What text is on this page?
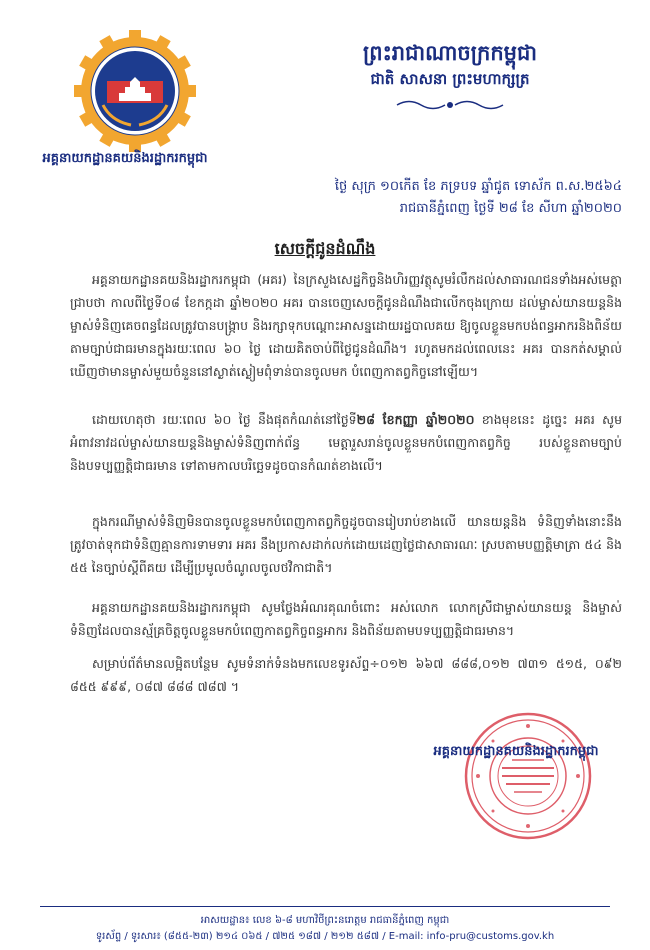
អគ្គនាយកដ្ឋានគយនិងរដ្ឋាករកម្ពុជា
ព្រះរាជាណាចក្រកម្ពុជា
ជាតិ សាសនា ព្រះមហាក្សត្រ
ថ្ងៃ សុក្រ ១០កើត ខែ ភទ្របទ ឆ្នាំជូត ទោស័ក ព.ស.២៥៦៤
រាជធានីភ្នំពេញ ថ្ងៃទី ២៨ ខែ សីហា ឆ្នាំ២០២០
សេចក្តីជូនដំណឹង

អគ្គនាយកដ្ឋានគយនិងរដ្ឋាករកម្ពុជា (អគរ) នៃក្រសួងសេដ្ឋកិច្ចនិងហិរញ្ញវត្ថុសូមរំលឹកដល់សាធារណជនទាំងអស់មេត្តាជ្រាបថា កាលពីថ្ងៃទី០៨ ខែកក្កដា ឆ្នាំ២០២០ អគរ បានចេញសេចក្តីជូនដំណឹងជាលើកចុងក្រោយ ដល់ម្ចាស់យានយន្តនិងម្ចាស់ទំនិញគេចពន្ធដែលត្រូវបានបង្រ្កាប និងរក្សាទុកបណ្តោះអាសន្នដោយរដ្ឋបាលគយ ឱ្យចូលខ្លួនមកបង់ពន្ធអាករនិងពិន័យតាមច្បាប់ជាធរមានក្នុងរយៈពេល ៦០ ថ្ងៃ ដោយគិតចាប់ពីថ្ងៃជូនដំណឹង។ រហូតមកដល់ពេលនេះ អគរ បានកត់សម្គាល់ឃើញថាមានម្ចាស់មួយចំនួននៅស្ងាត់ស្ងៀមពុំទាន់បានចូលមក បំពេញកាតព្វកិច្ចនៅឡើយ។

ដោយហេតុថា រយៈពេល ៦០ ថ្ងៃ នឹងផុតកំណត់នៅថ្ងៃទី២៨ ខែកញ្ញា ឆ្នាំ២០២០ ខាងមុខនេះ ដូច្នេះ អគរ សូមអំពាវនាវដល់ម្ចាស់យានយន្តនិងម្ចាស់ទំនិញពាក់ព័ន្ធ មេត្តារួសរាន់ចូលខ្លួនមកបំពេញកាតព្វកិច្ច របស់ខ្លួនតាមច្បាប់ និងបទប្បញ្ញត្តិជាធរមាន ទៅតាមកាលបរិច្ឆេទដូចបានកំណត់ខាងលើ។

ក្នុងករណីម្ចាស់ទំនិញមិនបានចូលខ្លួនមកបំពេញកាតព្វកិច្ចដូចបានរៀបរាប់ខាងលើ យានយន្តនិង ទំនិញទាំងនោះនឹងត្រូវចាត់ទុកជាទំនិញគ្មានការទាមទារ អគរ នឹងប្រកាសដាក់លក់ដោយដេញថ្លៃជាសាធារណៈ ស្របតាមបញ្ញត្តិមាត្រា ៥៤ និង ៥៥ នៃច្បាប់ស្តីពីគយ ដើម្បីប្រមូលចំណូលចូលថវិកាជាតិ។

អគ្គនាយកដ្ឋានគយនិងរដ្ឋាករកម្ពុជា សូមថ្លែងអំណរគុណចំពោះ អស់លោក លោកស្រីជាម្ចាស់យានយន្ត និងម្ចាស់ទំនិញដែលបានស្ម័គ្រចិត្តចូលខ្លួនមកបំពេញកាតព្វកិច្ចពន្ធអាករ និងពិន័យតាមបទប្បញ្ញត្តិជាធរមាន។

សម្រាប់ព័ត៌មានលម្អិតបន្ថែម សូមទំនាក់ទំនងមកលេខទូរស័ព្ទ÷០១២ ៦៦៧ ៨៨៨,០១២ ៧៣១ ៥១៥, ០៩២ ៨៥៥ ៩៩៩, ០៨៧ ៨៨៨ ៧៨៧ ។

អគ្គនាយកដ្ឋានគយនិងរដ្ឋាករកម្ពុជា
អាសយដ្ឋាន៖ លេខ ៦-៨ មហាវិថីព្រះនរោត្តម រាជធានីភ្នំពេញ កម្ពុជា
ទូរស័ព្ទ / ទូរសារ៖ (៨៥៥-២៣) ២១៤ ០៦៥ / ៧២៥ ១៨៧ / ២១២ ៥៨៧ / E-mail: info-pru@customs.gov.kh
